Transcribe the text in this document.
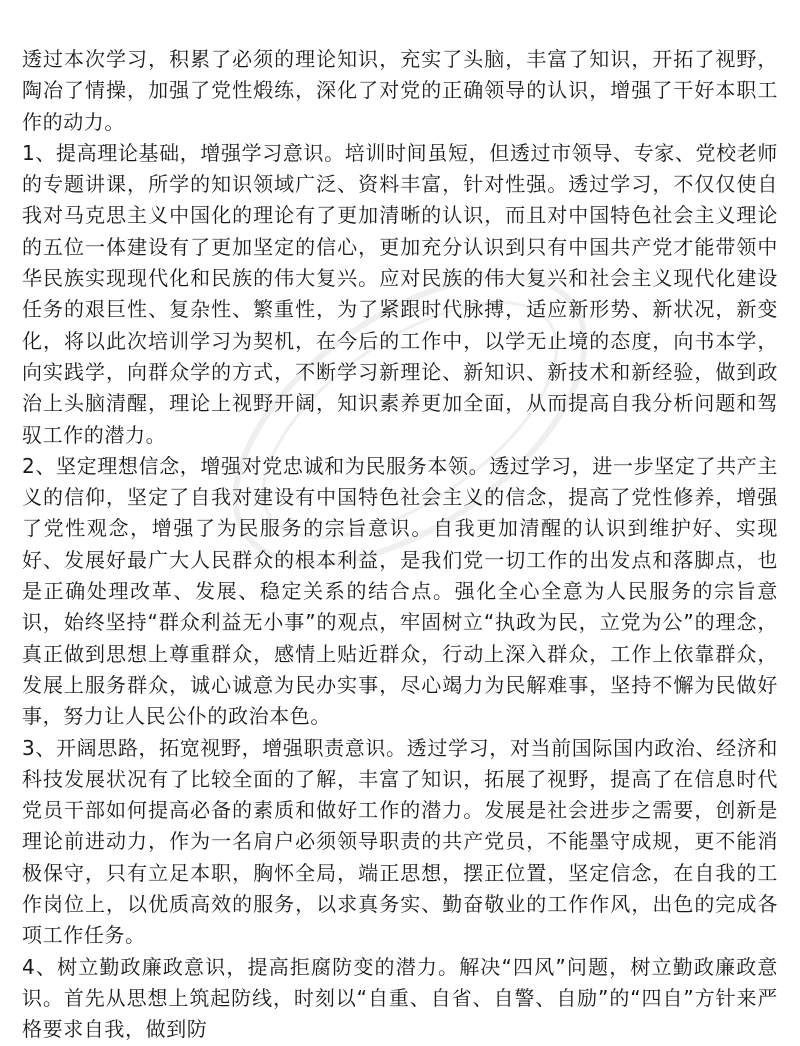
透过本次学习，积累了必须的理论知识，充实了头脑，丰富了知识，开拓了视野，陶冶了情操，加强了党性煅练，深化了对党的正确领导的认识，增强了干好本职工作的动力。

1、提高理论基础，增强学习意识。培训时间虽短，但透过市领导、专家、党校老师的专题讲课，所学的知识领域广泛、资料丰富，针对性强。透过学习，不仅仅使自我对马克思主义中国化的理论有了更加清晰的认识，而且对中国特色社会主义理论的五位一体建设有了更加坚定的信心，更加充分认识到只有中国共产党才能带领中华民族实现现代化和民族的伟大复兴。应对民族的伟大复兴和社会主义现代化建设任务的艰巨性、复杂性、繁重性，为了紧跟时代脉搏，适应新形势、新状况，新变化，将以此次培训学习为契机，在今后的工作中，以学无止境的态度，向书本学，向实践学，向群众学的方式，不断学习新理论、新知识、新技术和新经验，做到政治上头脑清醒，理论上视野开阔，知识素养更加全面，从而提高自我分析问题和驾驭工作的潜力。

2、坚定理想信念，增强对党忠诚和为民服务本领。透过学习，进一步坚定了共产主义的信仰，坚定了自我对建设有中国特色社会主义的信念，提高了党性修养，增强了党性观念，增强了为民服务的宗旨意识。自我更加清醒的认识到维护好、实现好、发展好最广大人民群众的根本利益，是我们党一切工作的出发点和落脚点，也是正确处理改革、发展、稳定关系的结合点。强化全心全意为人民服务的宗旨意识，始终坚持“群众利益无小事”的观点，牢固树立“执政为民，立党为公”的理念，真正做到思想上尊重群众，感情上贴近群众，行动上深入群众，工作上依靠群众，发展上服务群众，诚心诚意为民办实事，尽心竭力为民解难事，坚持不懈为民做好事，努力让人民公仆的政治本色。

3、开阔思路，拓宽视野，增强职责意识。透过学习，对当前国际国内政治、经济和科技发展状况有了比较全面的了解，丰富了知识，拓展了视野，提高了在信息时代党员干部如何提高必备的素质和做好工作的潜力。发展是社会进步之需要，创新是理论前进动力，作为一名肩户必须领导职责的共产党员，不能墨守成规，更不能消极保守，只有立足本职，胸怀全局，端正思想，摆正位置，坚定信念，在自我的工作岗位上，以优质高效的服务，以求真务实、勤奋敬业的工作作风，出色的完成各项工作任务。

4、树立勤政廉政意识，提高拒腐防变的潜力。解决“四风”问题，树立勤政廉政意识。首先从思想上筑起防线，时刻以“自重、自省、自警、自励”的“四自”方针来严格要求自我，做到防
